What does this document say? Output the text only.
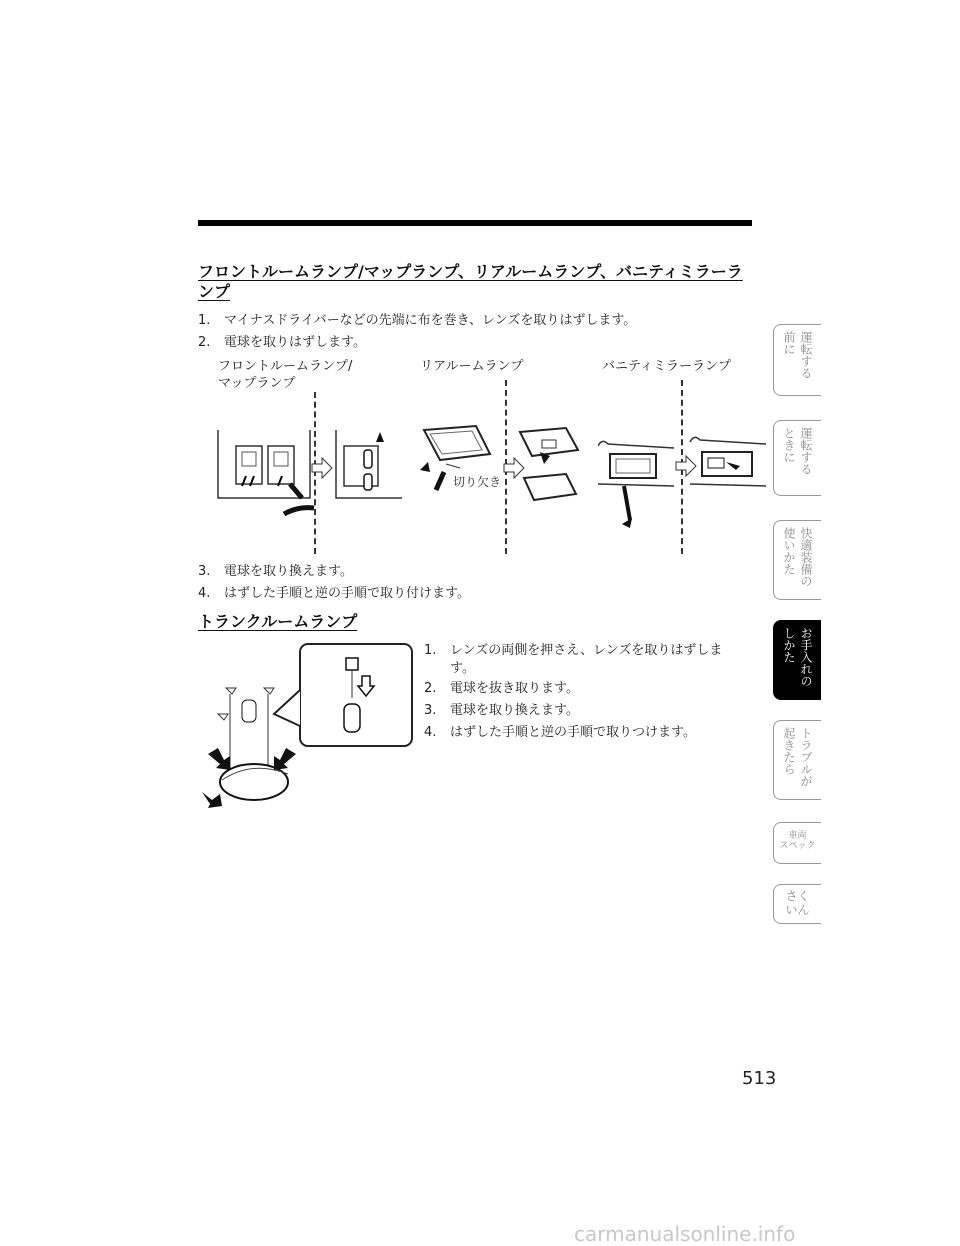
フロントルームランプ/マップランプ、リアルームランプ、バニティミラーランプ
1. マイナスドライバーなどの先端に布を巻き、レンズを取りはずします。
2. 電球を取りはずします。
フロントルームランプ/
マップランプ
リアルームランプ	バニティミラーランプ
切り欠き
3. 電球を取り換えます。
4. はずした手順と逆の手順で取り付けます。
トランクルームランプ
1.	レンズの両側を押さえ、レンズを取りはずします。
2. 電球を抜き取ります。
3. 電球を取り換えます。
4. はずした手順と逆の手順で取りつけます。
運転する
前に
運転する
ときに
快適装備の
使いかた
お手入れの
しかた
トラブルが
起きたら
車両
スペック
さく
いん
513
carmanualsonline.info
